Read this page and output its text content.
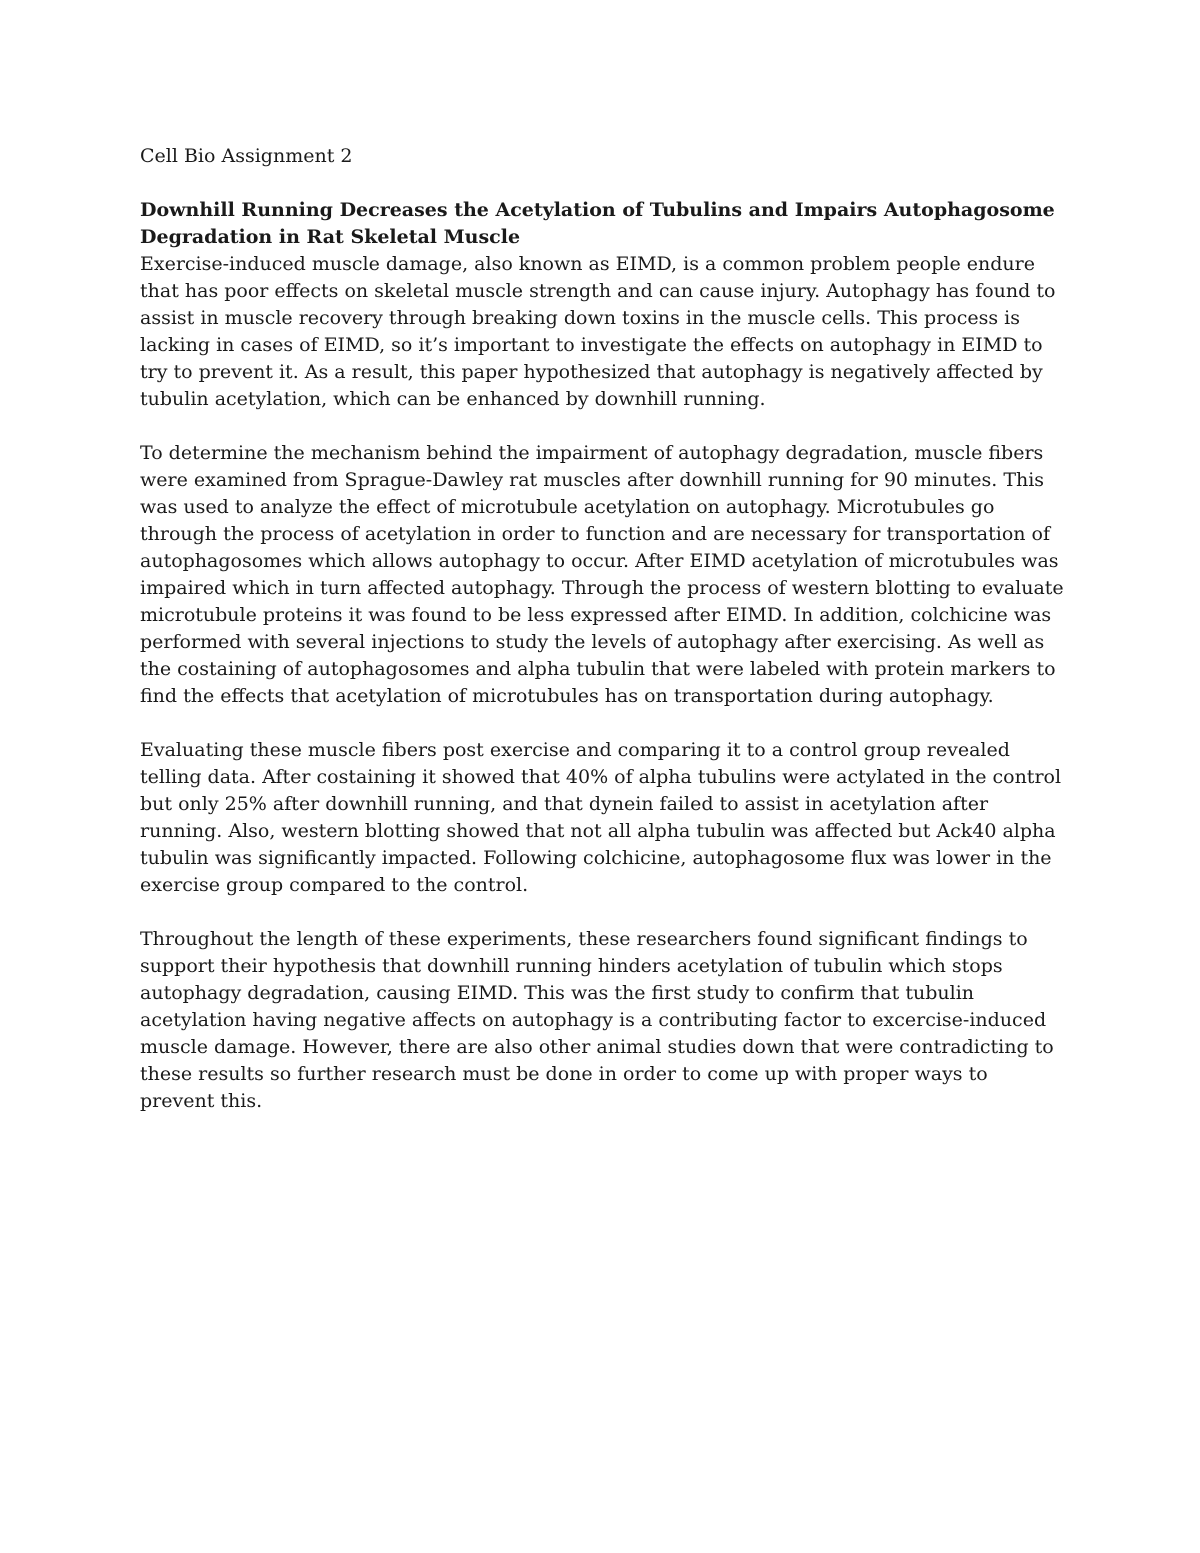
Cell Bio Assignment 2

Downhill Running Decreases the Acetylation of Tubulins and Impairs Autophagosome Degradation in Rat Skeletal Muscle

Exercise-induced muscle damage, also known as EIMD, is a common problem people endure that has poor effects on skeletal muscle strength and can cause injury. Autophagy has found to assist in muscle recovery through breaking down toxins in the muscle cells. This process is lacking in cases of EIMD, so it’s important to investigate the effects on autophagy in EIMD to try to prevent it. As a result, this paper hypothesized that autophagy is negatively affected by tubulin acetylation, which can be enhanced by downhill running.

To determine the mechanism behind the impairment of autophagy degradation, muscle fibers were examined from Sprague-Dawley rat muscles after downhill running for 90 minutes. This was used to analyze the effect of microtubule acetylation on autophagy. Microtubules go through the process of acetylation in order to function and are necessary for transportation of autophagosomes which allows autophagy to occur. After EIMD acetylation of microtubules was impaired which in turn affected autophagy. Through the process of western blotting to evaluate microtubule proteins it was found to be less expressed after EIMD. In addition, colchicine was performed with several injections to study the levels of autophagy after exercising. As well as the costaining of autophagosomes and alpha tubulin that were labeled with protein markers to find the effects that acetylation of microtubules has on transportation during autophagy.

Evaluating these muscle fibers post exercise and comparing it to a control group revealed telling data. After costaining it showed that 40% of alpha tubulins were actylated in the control but only 25% after downhill running, and that dynein failed to assist in acetylation after running. Also, western blotting showed that not all alpha tubulin was affected but Ack40 alpha tubulin was significantly impacted. Following colchicine, autophagosome flux was lower in the exercise group compared to the control.

Throughout the length of these experiments, these researchers found significant findings to support their hypothesis that downhill running hinders acetylation of tubulin which stops autophagy degradation, causing EIMD. This was the first study to confirm that tubulin acetylation having negative affects on autophagy is a contributing factor to excercise-induced muscle damage. However, there are also other animal studies down that were contradicting to these results so further research must be done in order to come up with proper ways to prevent this.
